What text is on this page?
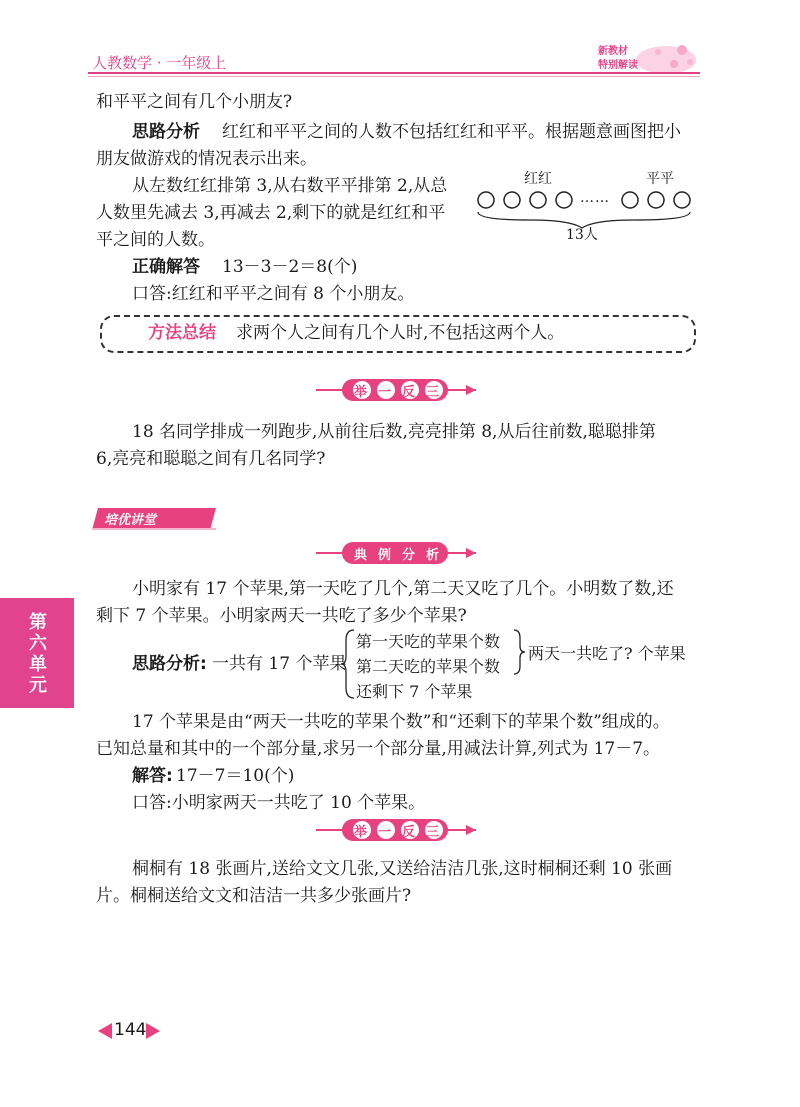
人教数学 · 一年级上
新教材
特别解读
和平平之间有几个小朋友?
思路分析 红红和平平之间的人数不包括红红和平平。根据题意画图把小
朋友做游戏的情况表示出来。
从左数红红排第 3,从右数平平排第 2,从总
人数里先减去 3,再减去 2,剩下的就是红红和平
平之间的人数。
红红	平平
……
13人
正确解答 13－3－2＝8(个)
口答:红红和平平之间有 8 个小朋友。
方法总结 求两个人之间有几个人时,不包括这两个人。
举 一 反 三
18 名同学排成一列跑步,从前往后数,亮亮排第 8,从后往前数,聪聪排第
6,亮亮和聪聪之间有几名同学?
培优讲堂
典 例 分 析
小明家有 17 个苹果,第一天吃了几个,第二天又吃了几个。小明数了数,还
剩下 7 个苹果。小明家两天一共吃了多少个苹果?
思路分析: 一共有 17 个苹果
第一天吃的苹果个数
第二天吃的苹果个数
还剩下 7 个苹果
两天一共吃了? 个苹果
17 个苹果是由“两天一共吃的苹果个数”和“还剩下的苹果个数”组成的。
已知总量和其中的一个部分量,求另一个部分量,用减法计算,列式为 17－7。
解答: 17－7＝10(个)
口答:小明家两天一共吃了 10 个苹果。
举 一 反 三
桐桐有 18 张画片,送给文文几张,又送给洁洁几张,这时桐桐还剩 10 张画
片。桐桐送给文文和洁洁一共多少张画片?
第六单元
144
